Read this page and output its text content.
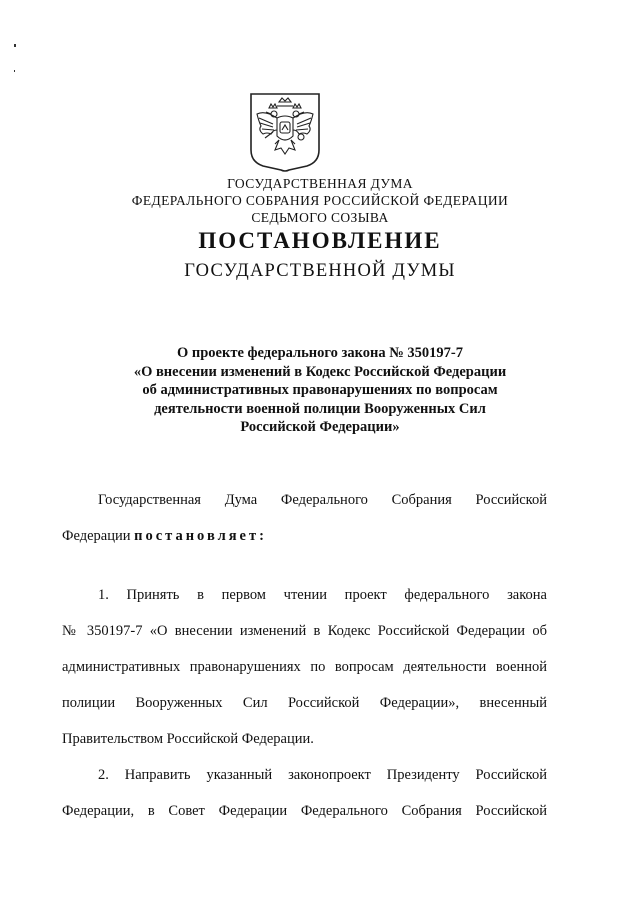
ГОСУДАРСТВЕННАЯ ДУМА
ФЕДЕРАЛЬНОГО СОБРАНИЯ РОССИЙСКОЙ ФЕДЕРАЦИИ
СЕДЬМОГО СОЗЫВА
ПОСТАНОВЛЕНИЕ
ГОСУДАРСТВЕННОЙ ДУМЫ
О проекте федерального закона № 350197-7
«О внесении изменений в Кодекс Российской Федерации
об административных правонарушениях по вопросам
деятельности военной полиции Вооруженных Сил
Российской Федерации»
Государственная Дума Федерального Собрания Российской
Федерации постановляет:
1. Принять в первом чтении проект федерального закона
№ 350197-7 «О внесении изменений в Кодекс Российской Федерации об
административных правонарушениях по вопросам деятельности военной
полиции Вооруженных Сил Российской Федерации», внесенный
Правительством Российской Федерации.
2. Направить указанный законопроект Президенту Российской
Федерации, в Совет Федерации Федерального Собрания Российской
